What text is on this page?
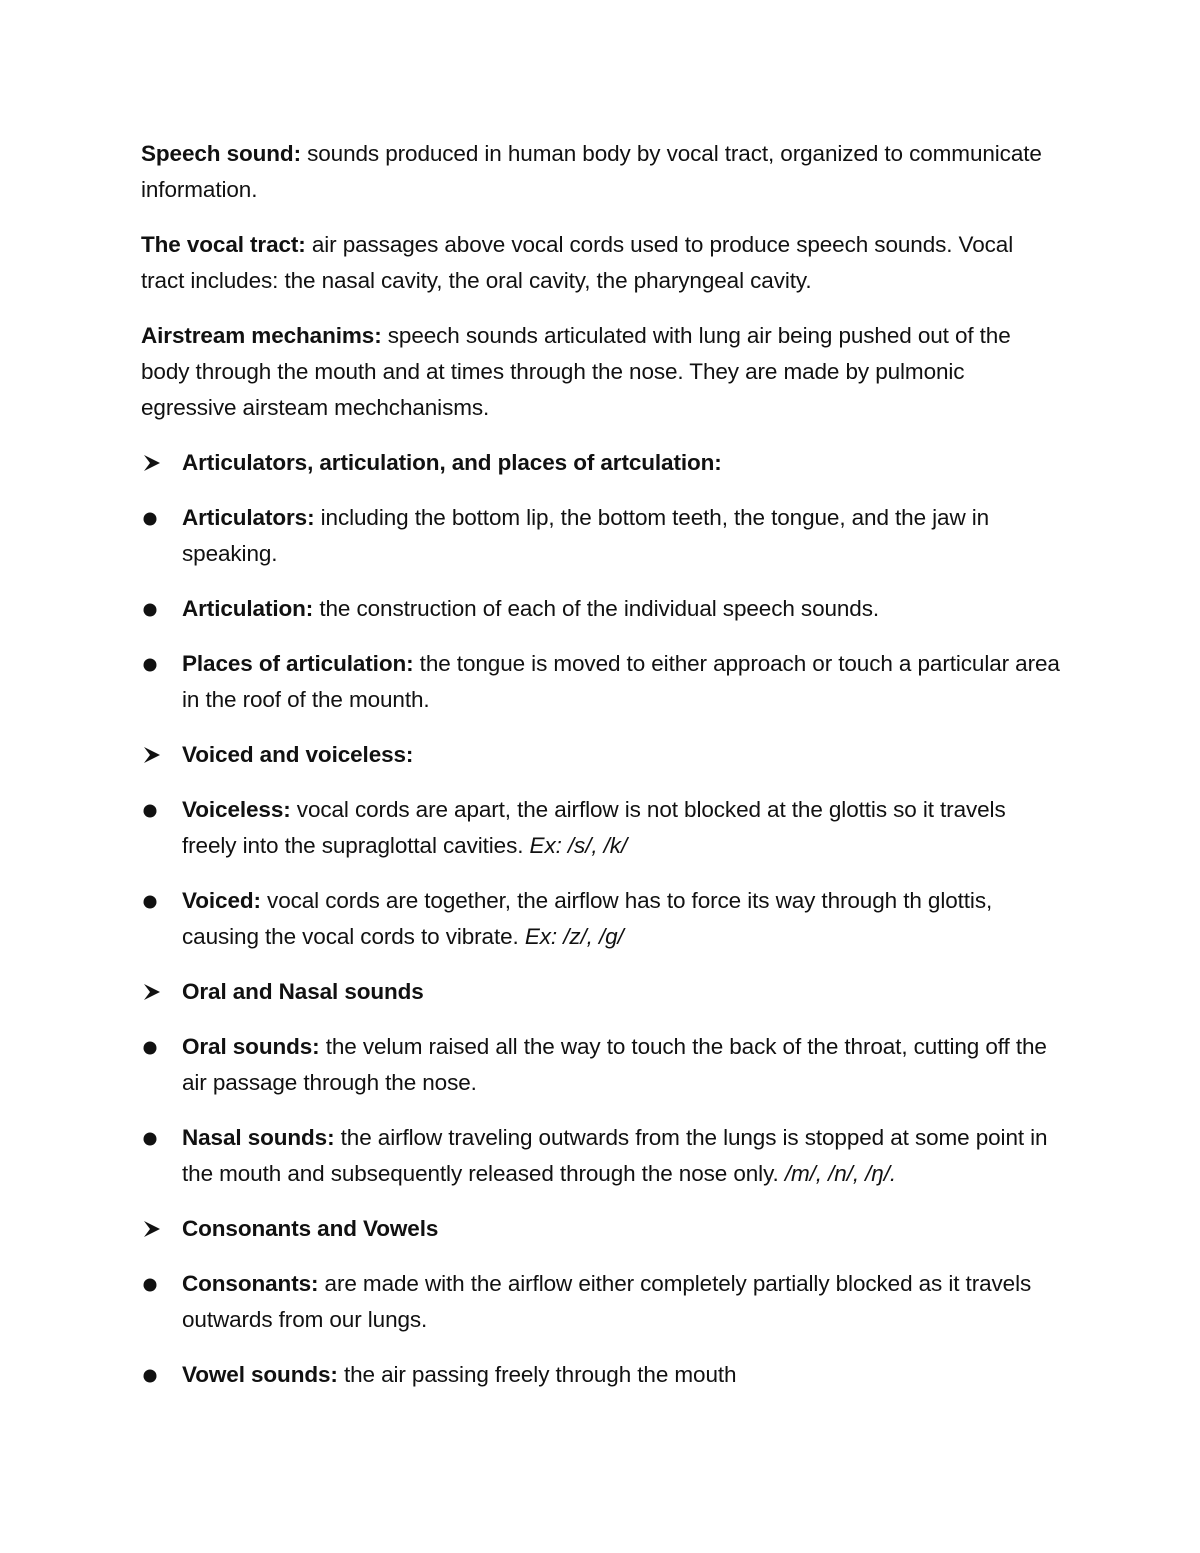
Speech sound: sounds produced in human body by vocal tract, organized to communicate information.

The vocal tract: air passages above vocal cords used to produce speech sounds. Vocal tract includes: the nasal cavity, the oral cavity, the pharyngeal cavity.

Airstream mechanims: speech sounds articulated with lung air being pushed out of the body through the mouth and at times through the nose. They are made by pulmonic egressive airsteam mechchanisms.

Articulators, articulation, and places of artculation:
Articulators: including the bottom lip, the bottom teeth, the tongue, and the jaw in speaking.
Articulation: the construction of each of the individual speech sounds.
Places of articulation: the tongue is moved to either approach or touch a particular area in the roof of the mounth.
Voiced and voiceless:
Voiceless: vocal cords are apart, the airflow is not blocked at the glottis so it travels freely into the supraglottal cavities. Ex: /s/, /k/
Voiced: vocal cords are together, the airflow has to force its way through th glottis, causing the vocal cords to vibrate. Ex: /z/, /g/
Oral and Nasal sounds
Oral sounds: the velum raised all the way to touch the back of the throat, cutting off the air passage through the nose.
Nasal sounds: the airflow traveling outwards from the lungs is stopped at some point in the mouth and subsequently released through the nose only. /m/, /n/, /ŋ/.
Consonants and Vowels
Consonants: are made with the airflow either completely partially blocked as it travels outwards from our lungs.
Vowel sounds: the air passing freely through the mouth
